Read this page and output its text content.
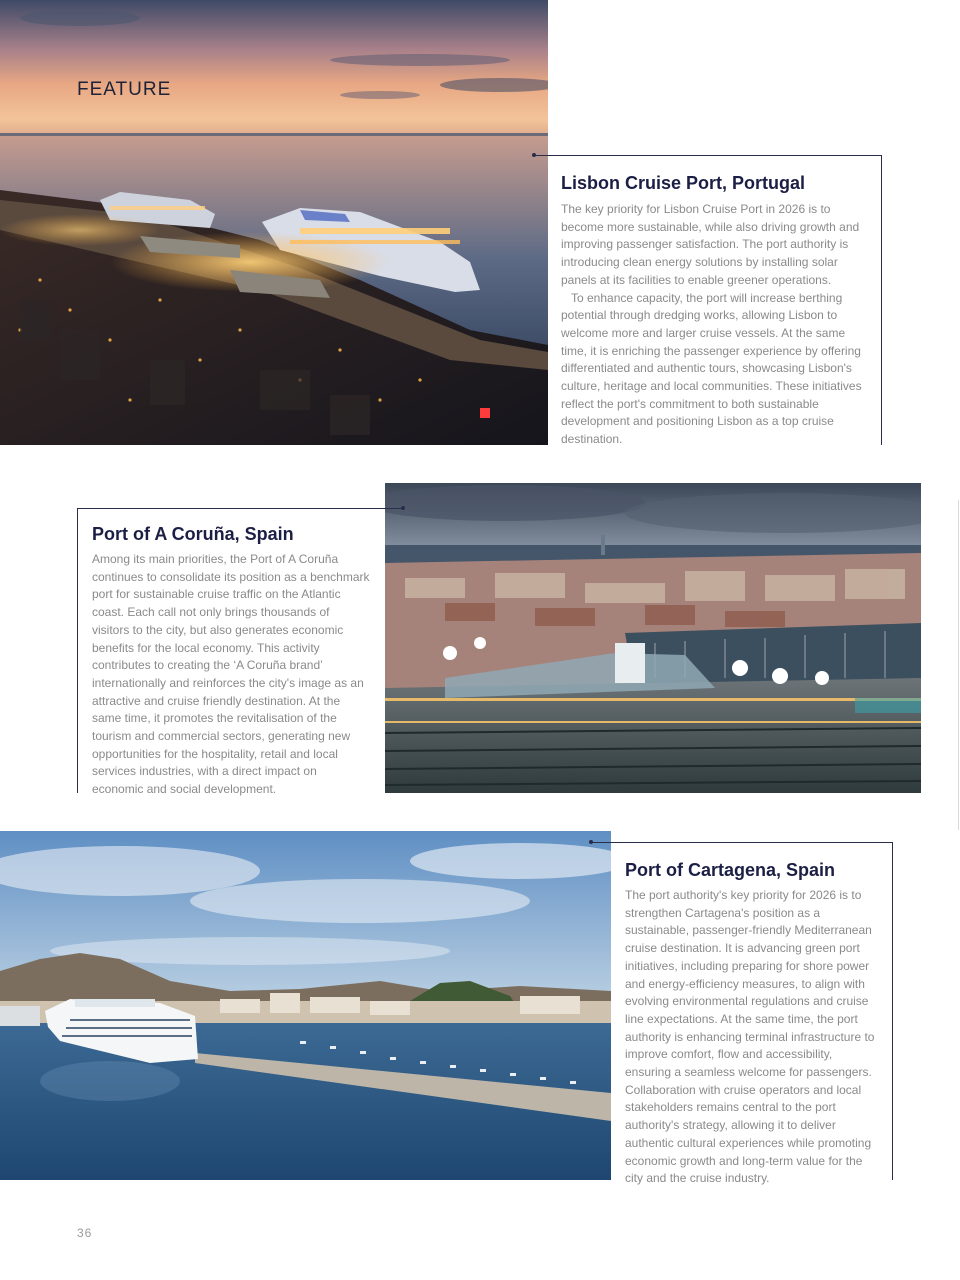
FEATURE
Lisbon Cruise Port, Portugal

The key priority for Lisbon Cruise Port in 2026 is to become more sustainable, while also driving growth and improving passenger satisfaction. The port authority is introducing clean energy solutions by installing solar panels at its facilities to enable greener operations.

To enhance capacity, the port will increase berthing potential through dredging works, allowing Lisbon to welcome more and larger cruise vessels. At the same time, it is enriching the passenger experience by offering differentiated and authentic tours, showcasing Lisbon's culture, heritage and local communities. These initiatives reflect the port's commitment to both sustainable development and positioning Lisbon as a top cruise destination.

Port of A Coruña, Spain

Among its main priorities, the Port of A Coruña continues to consolidate its position as a benchmark port for sustainable cruise traffic on the Atlantic coast. Each call not only brings thousands of visitors to the city, but also generates economic benefits for the local economy. This activity contributes to creating the ‘A Coruña brand’ internationally and reinforces the city's image as an attractive and cruise friendly destination. At the same time, it promotes the revitalisation of the tourism and commercial sectors, generating new opportunities for the hospitality, retail and local services industries, with a direct impact on economic and social development.

Port of Cartagena, Spain

The port authority's key priority for 2026 is to strengthen Cartagena's position as a sustainable, passenger-friendly Mediterranean cruise destination. It is advancing green port initiatives, including preparing for shore power and energy-efficiency measures, to align with evolving environmental regulations and cruise line expectations. At the same time, the port authority is enhancing terminal infrastructure to improve comfort, flow and accessibility, ensuring a seamless welcome for passengers. Collaboration with cruise operators and local stakeholders remains central to the port authority's strategy, allowing it to deliver authentic cultural experiences while promoting economic growth and long-term value for the city and the cruise industry.

36
